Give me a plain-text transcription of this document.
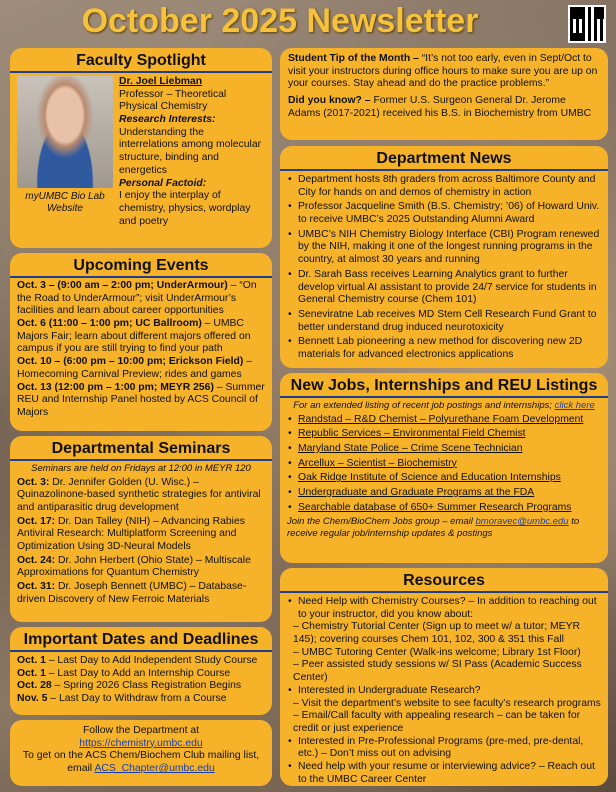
October 2025 Newsletter
Faculty Spotlight

myUMBC Bio Lab Website

Dr. Joel Liebman

Professor – Theoretical Physical Chemistry

Research Interests:

Understanding the interrelations among molecular structure, binding and energetics

Personal Factoid:

I enjoy the interplay of chemistry, physics, wordplay and poetry

Student Tip of the Month – “It’s not too early, even in Sept/Oct to visit your instructors during office hours to make sure you are up on your courses. Stay ahead and do the practice problems.”

Did you know? – Former U.S. Surgeon General Dr. Jerome Adams (2017-2021) received his B.S. in Biochemistry from UMBC

Upcoming Events

Oct. 3 – (9:00 am – 2:00 pm; UnderArmour) – “On the Road to UnderArmour”; visit UnderArmour’s facilities and learn about career opportunities

Oct. 6 (11:00 – 1:00 pm; UC Ballroom) – UMBC Majors Fair; learn about different majors offered on campus if you are still trying to find your path

Oct. 10 – (6:00 pm – 10:00 pm; Erickson Field) – Homecoming Carnival Preview; rides and games

Oct. 13 (12:00 pm – 1:00 pm; MEYR 256) – Summer REU and Internship Panel hosted by ACS Council of Majors

Departmental Seminars

Seminars are held on Fridays at 12:00 in MEYR 120

Oct. 3: Dr. Jennifer Golden (U. Wisc.) – Quinazolinone-based synthetic strategies for antiviral and antiparasitic drug development

Oct. 17: Dr. Dan Talley (NIH) – Advancing Rabies Antiviral Research: Multiplatform Screening and Optimization Using 3D-Neural Models

Oct. 24: Dr. John Herbert (Ohio State) – Multiscale Approximations for Quantum Chemistry

Oct. 31: Dr. Joseph Bennett (UMBC) – Database-driven Discovery of New Ferroic Materials

Important Dates and Deadlines

Oct. 1 – Last Day to Add Independent Study Course

Oct. 1 – Last Day to Add an Internship Course

Oct. 28 – Spring 2026 Class Registration Begins

Nov. 5 – Last Day to Withdraw from a Course

Follow the Department at

https://chemistry.umbc.edu

To get on the ACS Chem/Biochem Club mailing list, email ACS_Chapter@umbc.edu

Department News
• Department hosts 8th graders from across Baltimore County and City for hands on and demos of chemistry in action
• Professor Jacqueline Smith (B.S. Chemistry; ’06) of Howard Univ. to receive UMBC’s 2025 Outstanding Alumni Award
• UMBC’s NIH Chemistry Biology Interface (CBI) Program renewed by the NIH, making it one of the longest running programs in the country, at almost 30 years and running
• Dr. Sarah Bass receives Learning Analytics grant to further develop virtual AI assistant to provide 24/7 service for students in General Chemistry course (Chem 101)
• Seneviratne Lab receives MD Stem Cell Research Fund Grant to better understand drug induced neurotoxicity
• Bennett Lab pioneering a new method for discovering new 2D materials for advanced electronics applications
New Jobs, Internships and REU Listings

For an extended listing of recent job postings and internships; click here

• Randstad – R&D Chemist – Polyurethane Foam Development
• Republic Services – Environmental Field Chemist
• Maryland State Police – Crime Scene Technician
• Arcellux – Scientist – Biochemistry
• Oak Ridge Institute of Science and Education Internships
• Undergraduate and Graduate Programs at the FDA
• Searchable database of 650+ Summer Research Programs

Join the Chem/BioChem Jobs group – email bmoravec@umbc.edu to receive regular job/internship updates & postings

Resources
• Need Help with Chemistry Courses? – In addition to reaching out to your instructor, did you know about:

– Chemistry Tutorial Center (Sign up to meet w/ a tutor; MEYR 145); covering courses Chem 101, 102, 300 & 351 this Fall

– UMBC Tutoring Center (Walk-ins welcome; Library 1st Floor)

– Peer assisted study sessions w/ SI Pass (Academic Success Center)

• Interested in Undergraduate Research?

– Visit the department’s website to see faculty’s research programs

– Email/Call faculty with appealing research – can be taken for credit or just experience

• Interested in Pre-Professional Programs (pre-med, pre-dental, etc.) – Don’t miss out on advising
• Need help with your resume or interviewing advice? – Reach out to the UMBC Career Center
